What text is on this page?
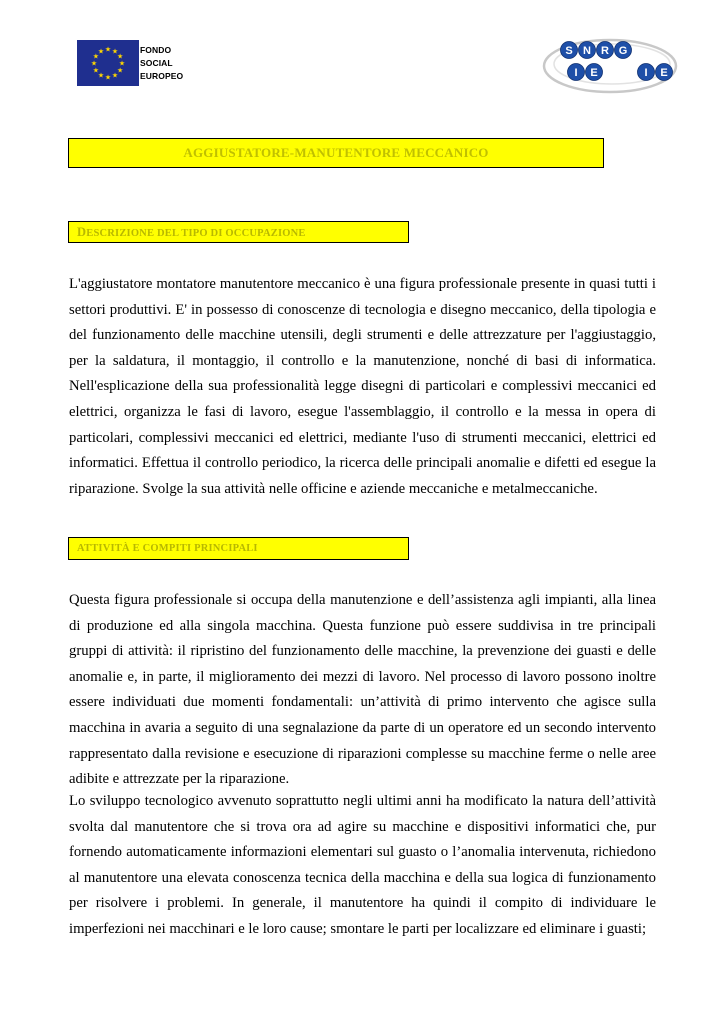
★
★
★
★
★
★
★
★
★ ★ ★
★
FONDO
SOCIAL
EUROPEO
S N R G
I E	I E
AGGIUSTATORE-MANUTENTORE MECCANICO
DESCRIZIONE DEL TIPO DI OCCUPAZIONE
L'aggiustatore montatore manutentore meccanico è una figura professionale presente in quasi tutti i settori produttivi. E' in possesso di conoscenze di tecnologia e disegno meccanico, della tipologia e del funzionamento delle macchine utensili, degli strumenti e delle attrezzature per l'aggiustaggio, per la saldatura, il montaggio, il controllo e la manutenzione, nonché di basi di informatica. Nell'esplicazione della sua professionalità legge disegni di particolari e complessivi meccanici ed elettrici, organizza le fasi di lavoro, esegue l'assemblaggio, il controllo e la messa in opera di particolari, complessivi meccanici ed elettrici, mediante l'uso di strumenti meccanici, elettrici ed informatici. Effettua il controllo periodico, la ricerca delle principali anomalie e difetti ed esegue la riparazione. Svolge la sua attività nelle officine e aziende meccaniche e metalmeccaniche.
ATTIVITÀ E COMPITI PRINCIPALI
Questa figura professionale si occupa della manutenzione e dell’assistenza agli impianti, alla linea di produzione ed alla singola macchina. Questa funzione può essere suddivisa in tre principali gruppi di attività: il ripristino del funzionamento delle macchine, la prevenzione dei guasti e delle anomalie e, in parte, il miglioramento dei mezzi di lavoro. Nel processo di lavoro possono inoltre essere individuati due momenti fondamentali: un’attività di primo intervento che agisce sulla macchina in avaria a seguito di una segnalazione da parte di un operatore ed un secondo intervento rappresentato dalla revisione e esecuzione di riparazioni complesse su macchine ferme o nelle aree adibite e attrezzate per la riparazione.
Lo sviluppo tecnologico avvenuto soprattutto negli ultimi anni ha modificato la natura dell’attività svolta dal manutentore che si trova ora ad agire su macchine e dispositivi informatici che, pur fornendo automaticamente informazioni elementari sul guasto o l’anomalia intervenuta, richiedono al manutentore una elevata conoscenza tecnica della macchina e della sua logica di funzionamento per risolvere i problemi. In generale, il manutentore ha quindi il compito di individuare le imperfezioni nei macchinari e le loro cause; smontare le parti per localizzare ed eliminare i guasti;
